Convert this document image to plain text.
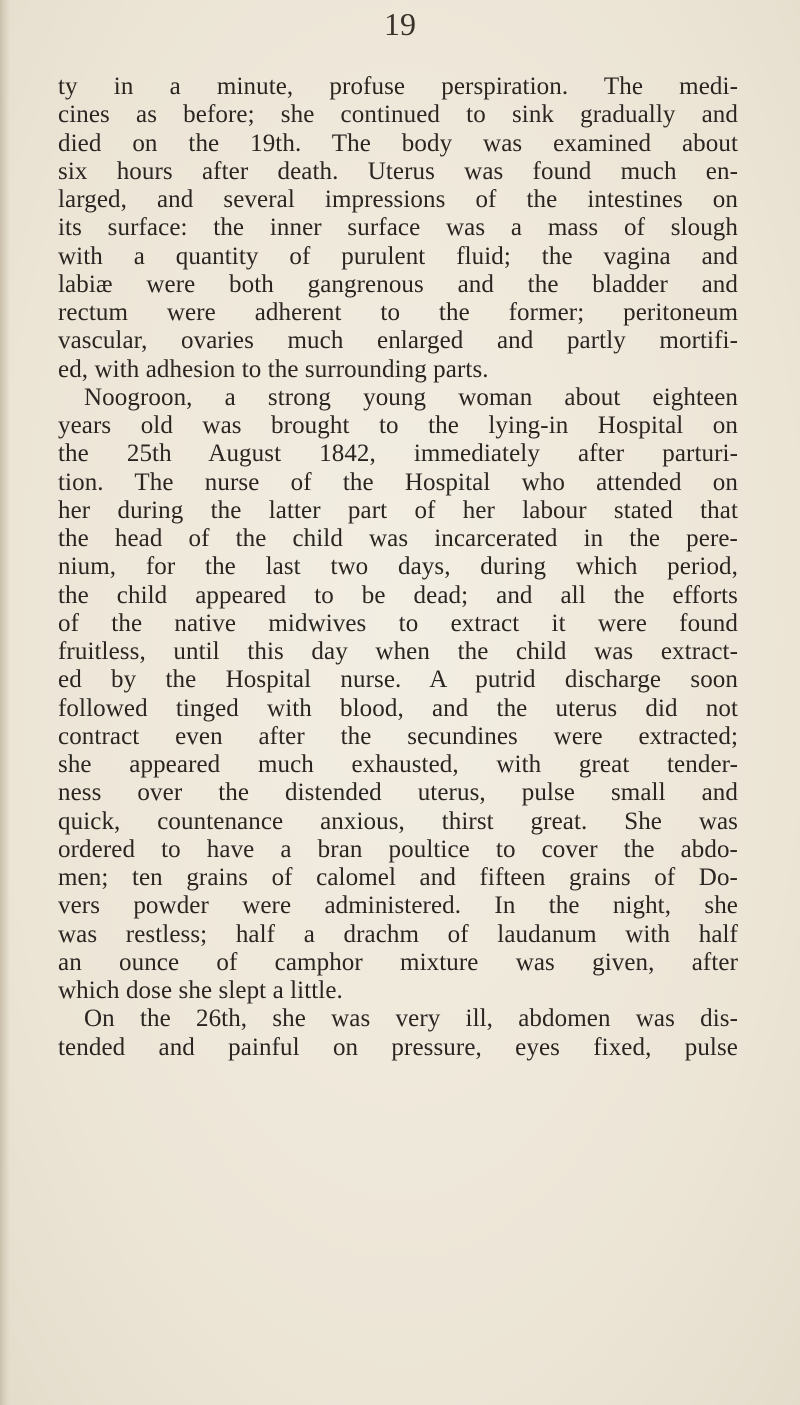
19
ty in a minute, profuse perspiration. The medi-
cines as before; she continued to sink gradually and
died on the 19th. The body was examined about
six hours after death. Uterus was found much en-
larged, and several impressions of the intestines on
its surface: the inner surface was a mass of slough
with a quantity of purulent fluid; the vagina and
labiæ were both gangrenous and the bladder and
rectum were adherent to the former; peritoneum
vascular, ovaries much enlarged and partly mortifi-
ed, with adhesion to the surrounding parts.
Noogroon, a strong young woman about eighteen
years old was brought to the lying-in Hospital on
the 25th August 1842, immediately after parturi-
tion. The nurse of the Hospital who attended on
her during the latter part of her labour stated that
the head of the child was incarcerated in the pere-
nium, for the last two days, during which period,
the child appeared to be dead; and all the efforts
of the native midwives to extract it were found
fruitless, until this day when the child was extract-
ed by the Hospital nurse. A putrid discharge soon
followed tinged with blood, and the uterus did not
contract even after the secundines were extracted;
she appeared much exhausted, with great tender-
ness over the distended uterus, pulse small and
quick, countenance anxious, thirst great. She was
ordered to have a bran poultice to cover the abdo-
men; ten grains of calomel and fifteen grains of Do-
vers powder were administered. In the night, she
was restless; half a drachm of laudanum with half
an ounce of camphor mixture was given, after
which dose she slept a little.
On the 26th, she was very ill, abdomen was dis-
tended and painful on pressure, eyes fixed, pulse
